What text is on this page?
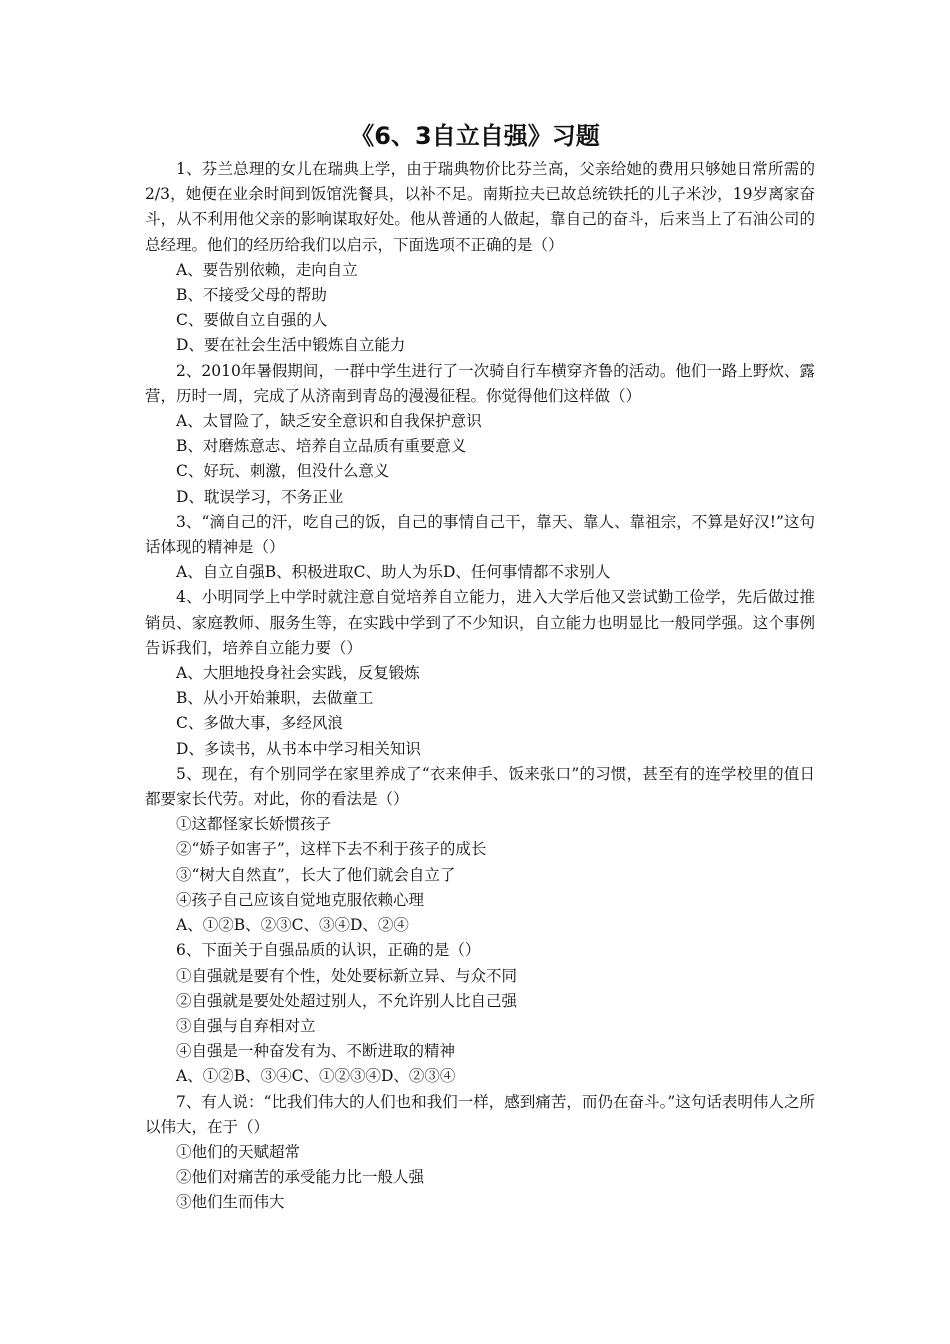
《6、3自立自强》习题

1、芬兰总理的女儿在瑞典上学，由于瑞典物价比芬兰高，父亲给她的费用只够她日常所需的2/3，她便在业余时间到饭馆洗餐具，以补不足。南斯拉夫已故总统铁托的儿子米沙，19岁离家奋斗，从不利用他父亲的影响谋取好处。他从普通的人做起，靠自己的奋斗，后来当上了石油公司的总经理。他们的经历给我们以启示，下面选项不正确的是（）

A、要告别依赖，走向自立

B、不接受父母的帮助

C、要做自立自强的人

D、要在社会生活中锻炼自立能力

2、2010年暑假期间，一群中学生进行了一次骑自行车横穿齐鲁的活动。他们一路上野炊、露营，历时一周，完成了从济南到青岛的漫漫征程。你觉得他们这样做（）

A、太冒险了，缺乏安全意识和自我保护意识

B、对磨炼意志、培养自立品质有重要意义

C、好玩、刺激，但没什么意义

D、耽误学习，不务正业

3、“滴自己的汗，吃自己的饭，自己的事情自己干，靠天、靠人、靠祖宗，不算是好汉!”这句话体现的精神是（）

A、自立自强B、积极进取C、助人为乐D、任何事情都不求别人

4、小明同学上中学时就注意自觉培养自立能力，进入大学后他又尝试勤工俭学，先后做过推销员、家庭教师、服务生等，在实践中学到了不少知识，自立能力也明显比一般同学强。这个事例告诉我们，培养自立能力要（）

A、大胆地投身社会实践，反复锻炼

B、从小开始兼职，去做童工

C、多做大事，多经风浪

D、多读书，从书本中学习相关知识

5、现在，有个别同学在家里养成了“衣来伸手、饭来张口”的习惯，甚至有的连学校里的值日都要家长代劳。对此，你的看法是（）

①这都怪家长娇惯孩子

②“娇子如害子”，这样下去不利于孩子的成长

③“树大自然直”，长大了他们就会自立了

④孩子自己应该自觉地克服依赖心理

A、①②B、②③C、③④D、②④

6、下面关于自强品质的认识，正确的是（）

①自强就是要有个性，处处要标新立异、与众不同

②自强就是要处处超过别人，不允许别人比自己强

③自强与自弃相对立

④自强是一种奋发有为、不断进取的精神

A、①②B、③④C、①②③④D、②③④

7、有人说：“比我们伟大的人们也和我们一样，感到痛苦，而仍在奋斗。”这句话表明伟人之所以伟大，在于（）

①他们的天赋超常

②他们对痛苦的承受能力比一般人强

③他们生而伟大
